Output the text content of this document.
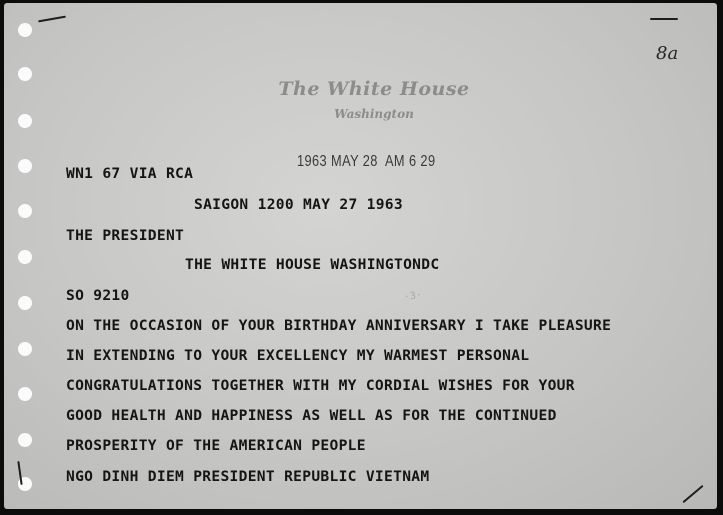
The White House
Washington
8a
1963 MAY 28  AM 6 29
·3·
WN1 67 VIA RCA
SAIGON 1200 MAY 27 1963
THE PRESIDENT
THE WHITE HOUSE WASHINGTONDC
SO 9210
ON THE OCCASION OF YOUR BIRTHDAY ANNIVERSARY I TAKE PLEASURE
IN EXTENDING TO YOUR EXCELLENCY MY WARMEST PERSONAL
CONGRATULATIONS TOGETHER WITH MY CORDIAL WISHES FOR YOUR
GOOD HEALTH AND HAPPINESS AS WELL AS FOR THE CONTINUED
PROSPERITY OF THE AMERICAN PEOPLE
NGO DINH DIEM PRESIDENT REPUBLIC VIETNAM
